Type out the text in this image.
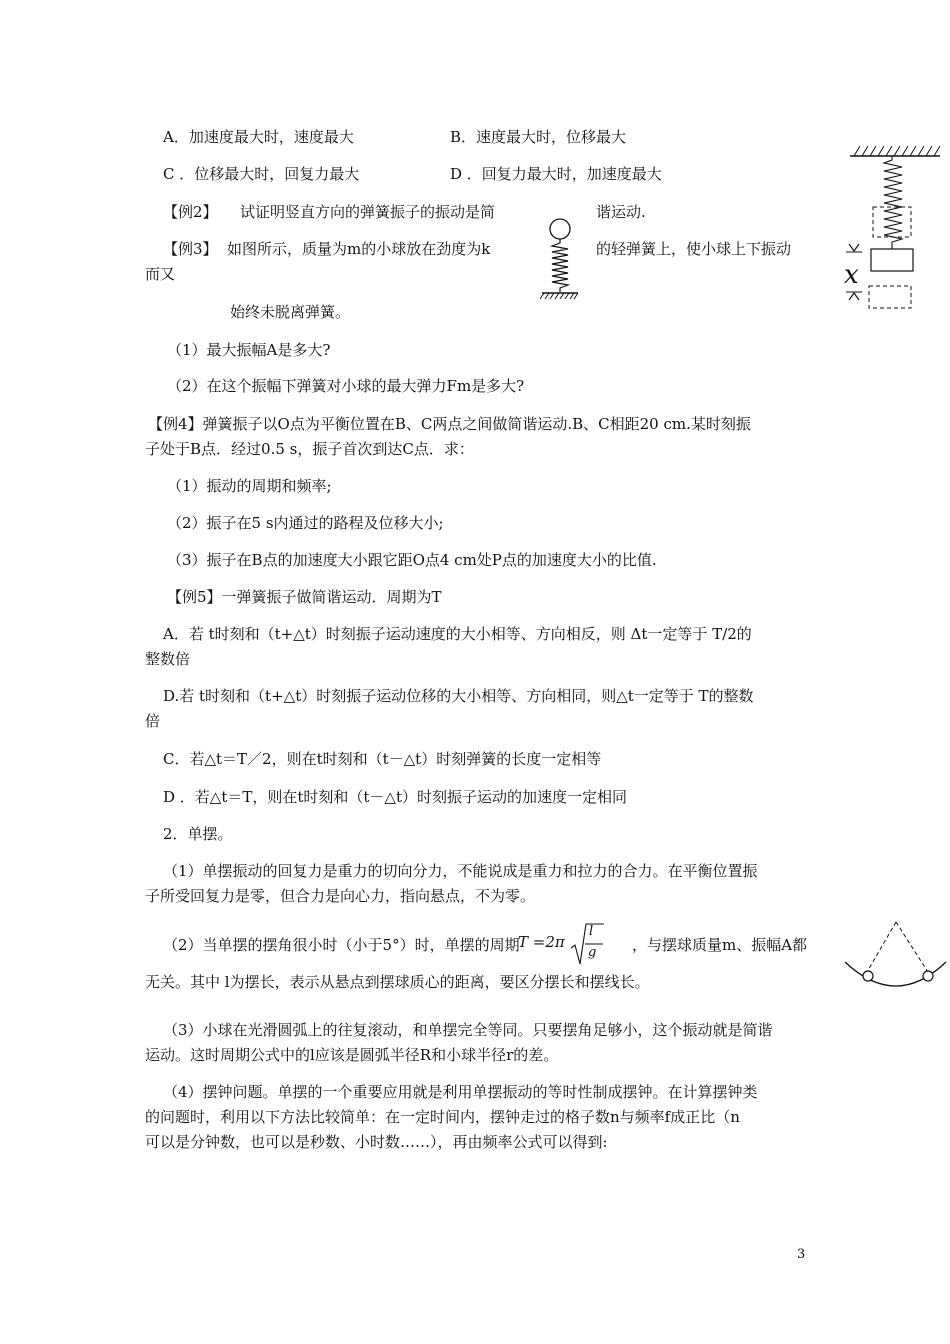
A．加速度最大时，速度最大	B．速度最大时，位移最大
C ．位移最大时，回复力最大	D ．回复力最大时，加速度最大
【例2】 试证明竖直方向的弹簧振子的振动是简	谐运动.
【例3】 如图所示，质量为m的小球放在劲度为k	的轻弹簧上，使小球上下振动
而又
始终未脱离弹簧。
（1）最大振幅A是多大?
（2）在这个振幅下弹簧对小球的最大弹力Fm是多大?
x
【例4】弹簧振子以O点为平衡位置在B、C两点之间做简谐运动.B、C相距20 cm.某时刻振
子处于B点．经过0.5 s，振子首次到达C点．求：
（1）振动的周期和频率;
（2）振子在5 s内通过的路程及位移大小;
（3）振子在B点的加速度大小跟它距O点4 cm处P点的加速度大小的比值.
【例5】一弹簧振子做简谐运动．周期为T
A．若 t时刻和（t+△t）时刻振子运动速度的大小相等、方向相反，则 Δt一定等于 T/2的
整数倍
D.若 t时刻和（t+△t）时刻振子运动位移的大小相等、方向相同，则△t一定等于 T的整数
倍
C．若△t＝T／2，则在t时刻和（t－△t）时刻弹簧的长度一定相等
D ．若△t＝T，则在t时刻和（t－△t）时刻振子运动的加速度一定相同
2．单摆。
（1）单摆振动的回复力是重力的切向分力，不能说成是重力和拉力的合力。在平衡位置振
子所受回复力是零，但合力是向心力，指向悬点，不为零。
（2）当单摆的摆角很小时（小于5°）时，单摆的周期
T =2π
l
g ，与摆球质量m、振幅A都
无关。其中 l为摆长，表示从悬点到摆球质心的距离，要区分摆长和摆线长。
（3）小球在光滑圆弧上的往复滚动，和单摆完全等同。只要摆角足够小，这个振动就是简谐
运动。这时周期公式中的l应该是圆弧半径R和小球半径r的差。
（4）摆钟问题。单摆的一个重要应用就是利用单摆振动的等时性制成摆钟。在计算摆钟类
的问题时，利用以下方法比较简单：在一定时间内，摆钟走过的格子数n与频率f成正比（n
可以是分钟数，也可以是秒数、小时数……），再由频率公式可以得到:
3
